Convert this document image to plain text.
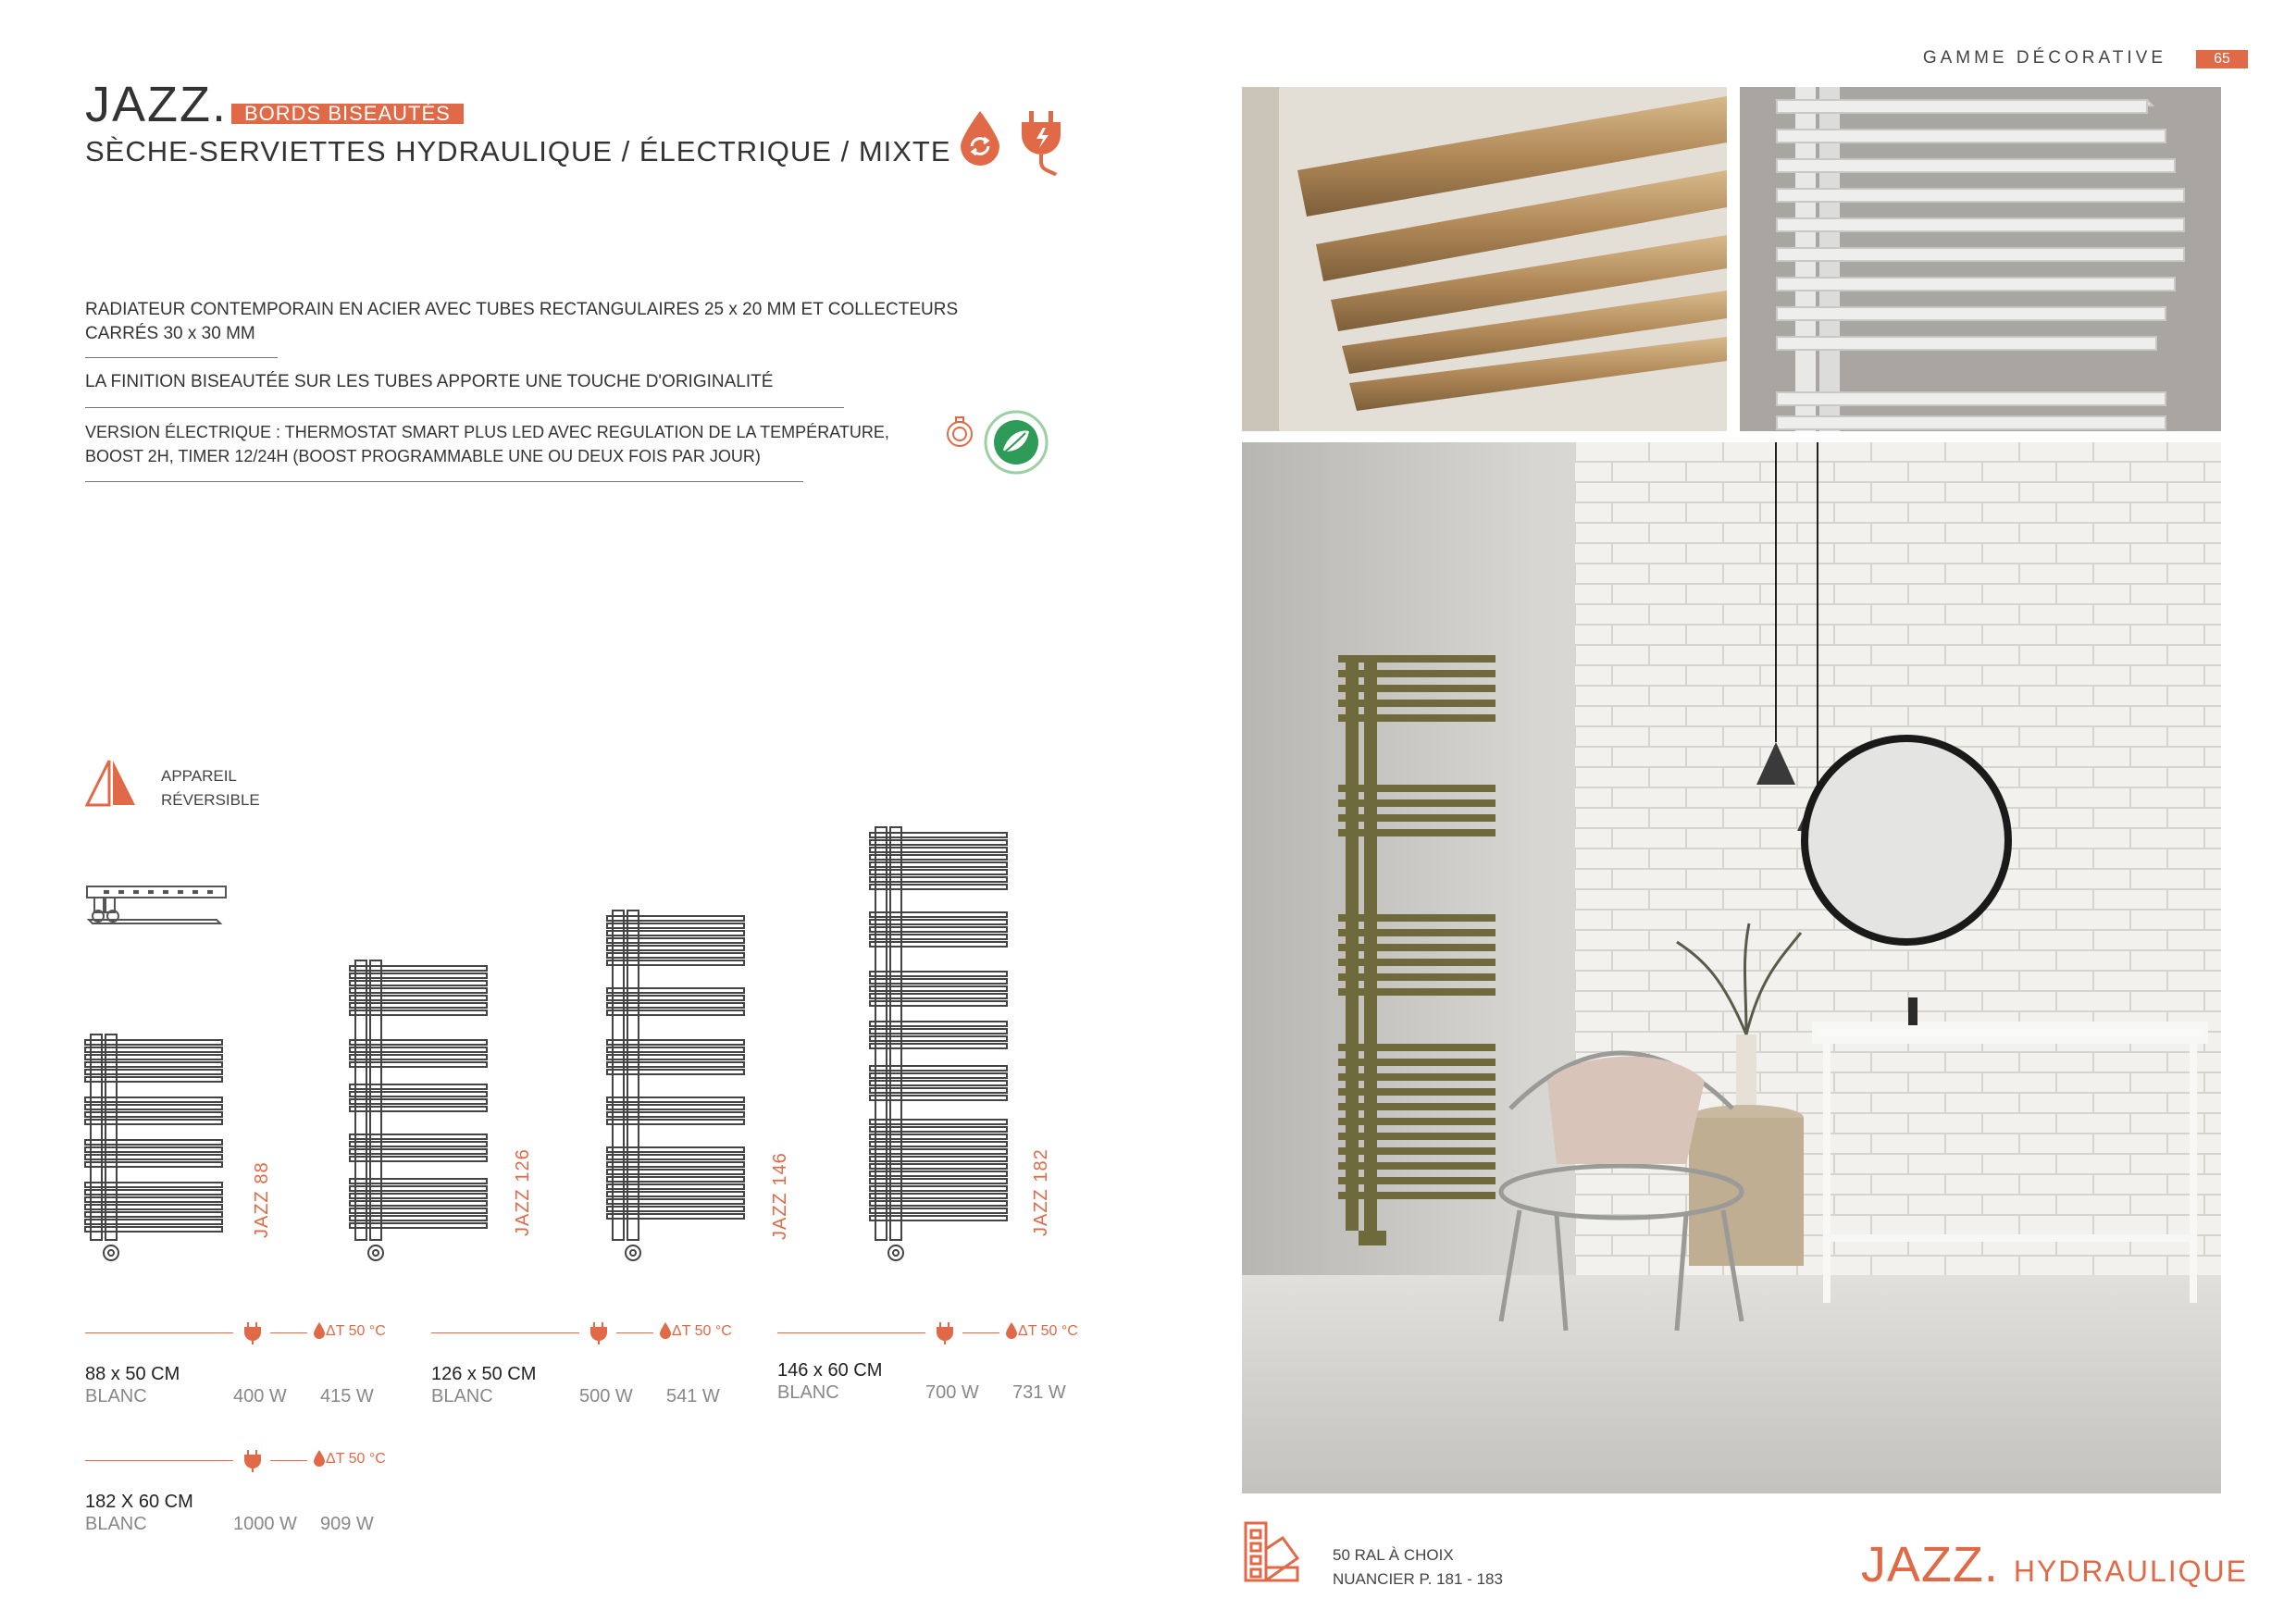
JAZZ. BORDS BISEAUTÉS
SÈCHE-SERVIETTES HYDRAULIQUE / ÉLECTRIQUE / MIXTE
GAMME DÉCORATIVE	65
RADIATEUR CONTEMPORAIN EN ACIER AVEC TUBES RECTANGULAIRES 25 x 20 MM ET COLLECTEURS
CARRÉS 30 x 30 MM
LA FINITION BISEAUTÉE SUR LES TUBES APPORTE UNE TOUCHE D'ORIGINALITÉ
VERSION ÉLECTRIQUE : THERMOSTAT SMART PLUS LED AVEC REGULATION DE LA TEMPÉRATURE,
BOOST 2H, TIMER 12/24H (BOOST PROGRAMMABLE UNE OU DEUX FOIS PAR JOUR)
APPAREIL
RÉVERSIBLE
JAZZ 88	JAZZ 126	JAZZ 146	JAZZ 182
ΔT 50 °C
88 x 50 CM
BLANC	400 W 415 W
ΔT 50 °C
126 x 50 CM
BLANC	500 W 541 W
ΔT 50 °C
146 x 60 CM
BLANC	700 W 731 W
ΔT 50 °C
182 X 60 CM
BLANC	1000 W 909 W
50 RAL À CHOIX
NUANCIER P. 181 - 183	JAZZ. HYDRAULIQUE
